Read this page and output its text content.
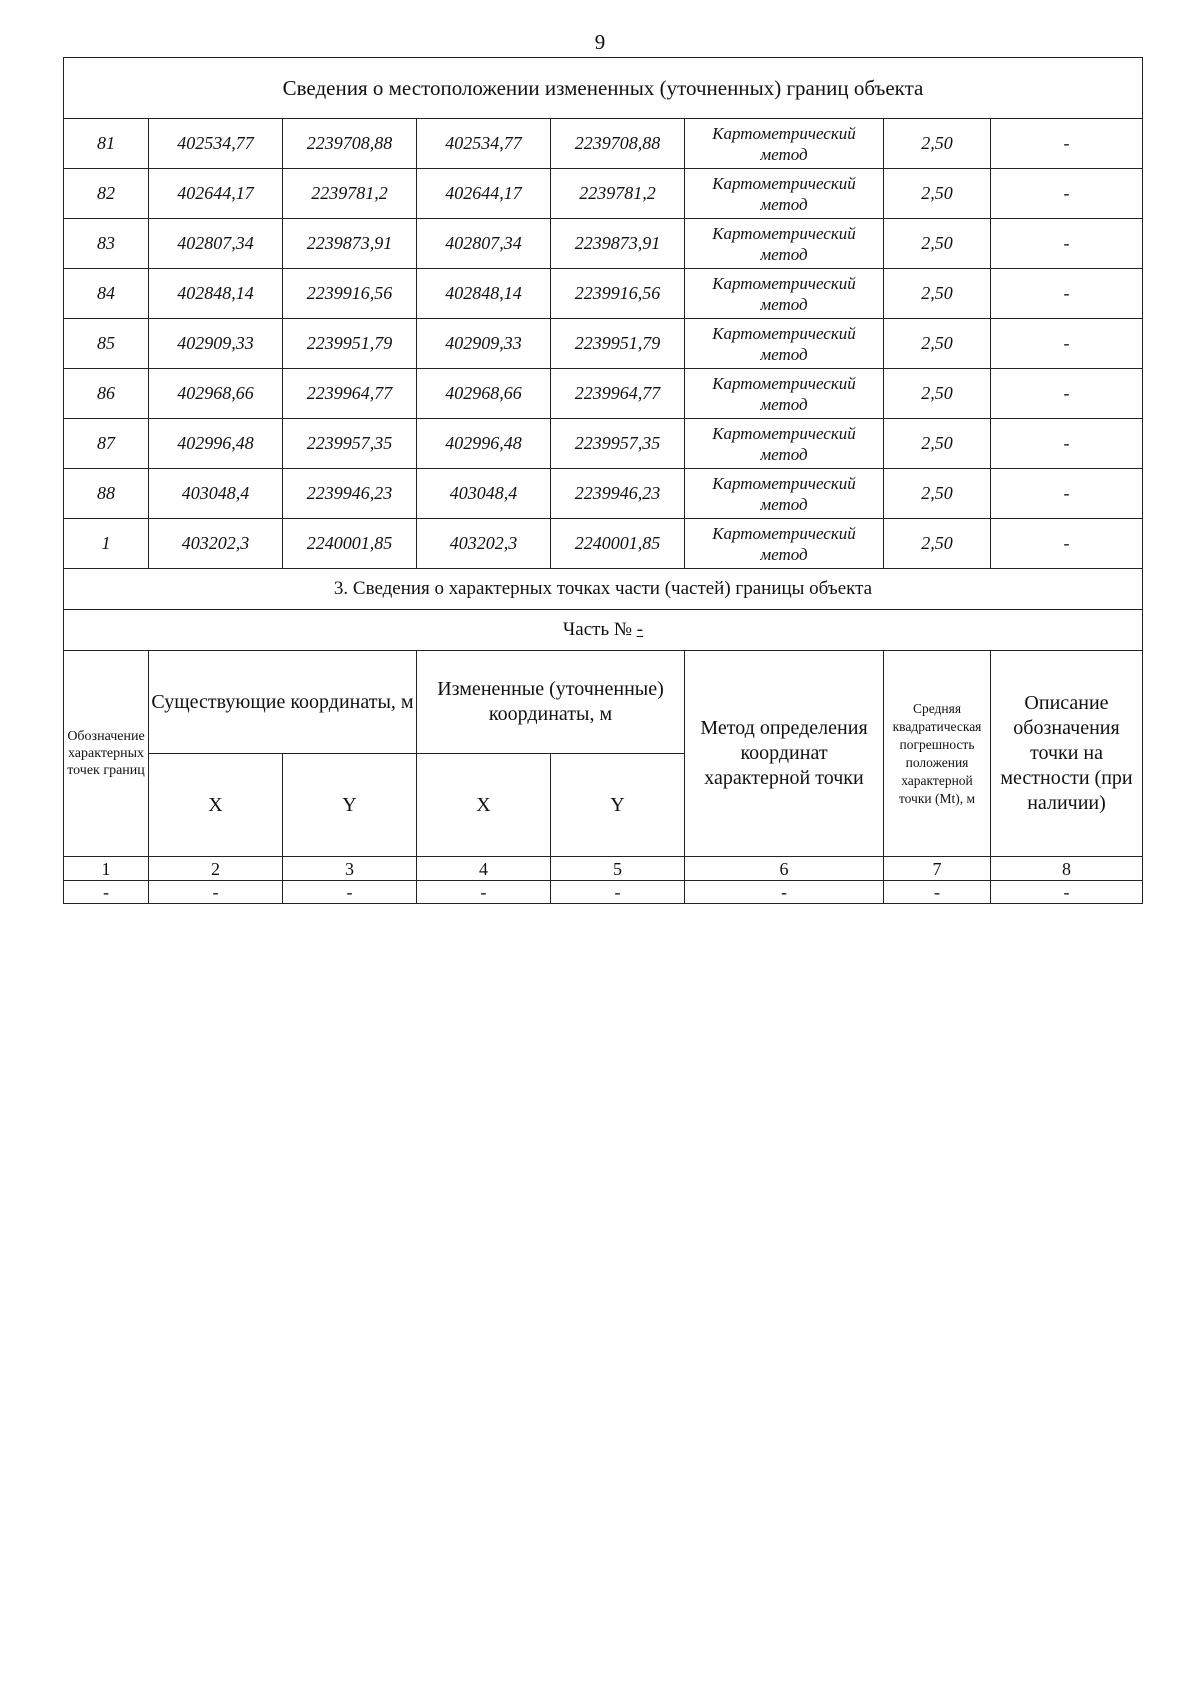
9
Сведения о местоположении измененных (уточненных) границ объекта							
81	402534,77	2239708,88	402534,77	2239708,88	Картометрический метод	2,50	-
82	402644,17	2239781,2	402644,17	2239781,2	Картометрический метод	2,50	-
83	402807,34	2239873,91	402807,34	2239873,91	Картометрический метод	2,50	-
84	402848,14	2239916,56	402848,14	2239916,56	Картометрический метод	2,50	-
85	402909,33	2239951,79	402909,33	2239951,79	Картометрический метод	2,50	-
86	402968,66	2239964,77	402968,66	2239964,77	Картометрический метод	2,50	-
87	402996,48	2239957,35	402996,48	2239957,35	Картометрический метод	2,50	-
88	403048,4	2239946,23	403048,4	2239946,23	Картометрический метод	2,50	-
1	403202,3	2240001,85	403202,3	2240001,85	Картометрический метод	2,50	-
3. Сведения о характерных точках части (частей) границы объекта							
Часть № -							
Обозначение характерных точек границ	Существующие координаты, м		Измененные (уточненные) координаты, м		Метод определения координат характерной точки	Средняя квадратическая погрешность положения характерной точки (Mt), м	Описание обозначения точки на местности (при наличии)
	X	Y	X	Y			
1	2	3	4	5	6	7	8
-	-	-	-	-	-	-	-
